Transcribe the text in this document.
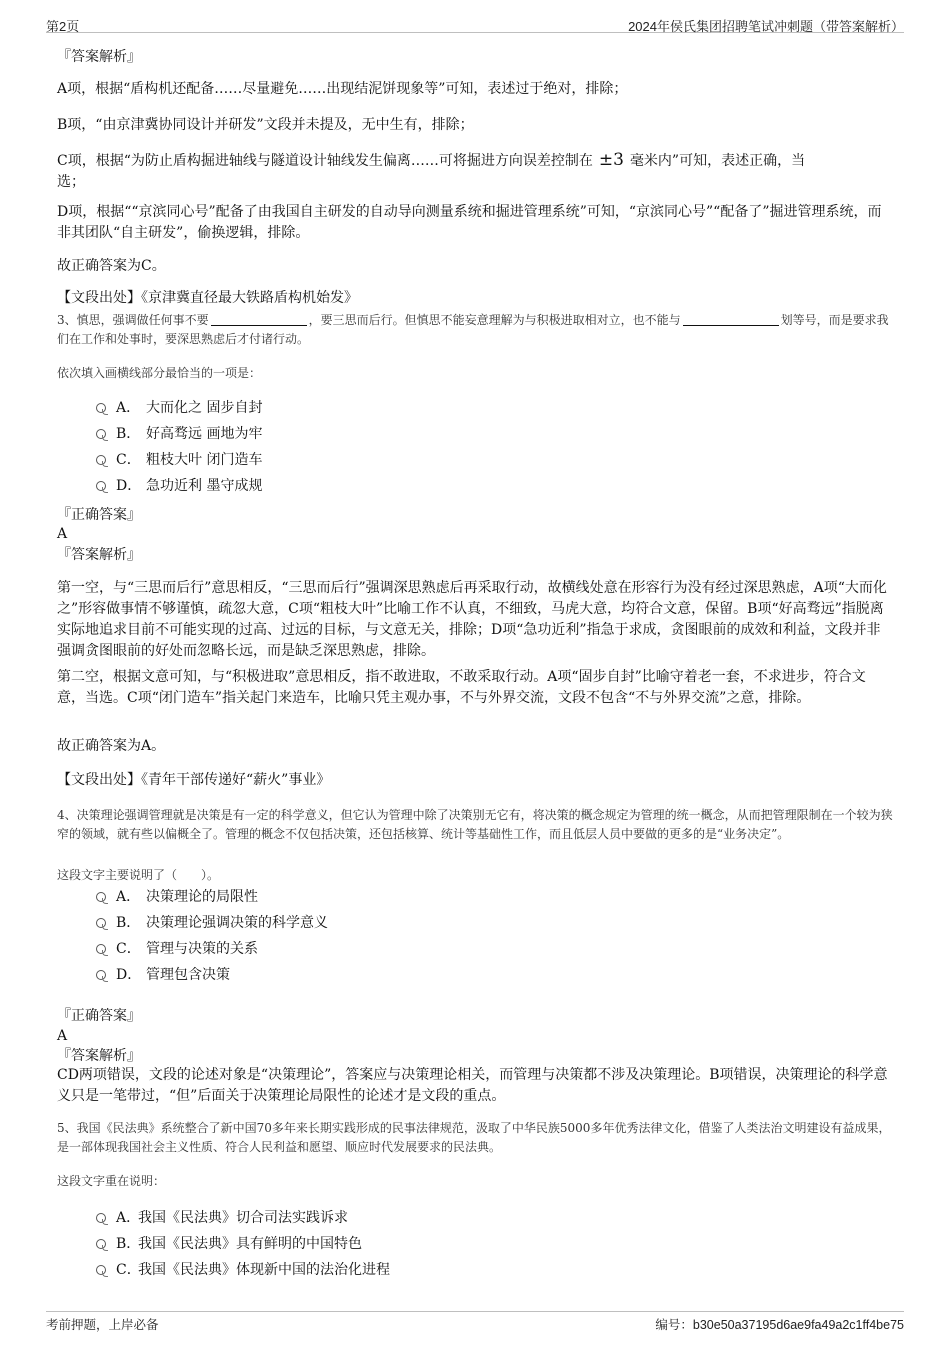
第2页	2024年侯氏集团招聘笔试冲刺题（带答案解析）
『答案解析』
A项，根据“盾构机还配备……尽量避免……出现结泥饼现象等”可知，表述过于绝对，排除；
B项，“由京津冀协同设计并研发”文段并未提及，无中生有，排除；
C项，根据“为防止盾构掘进轴线与隧道设计轴线发生偏离……可将掘进方向误差控制在 ±3 毫米内”可知，表述正确，当
选；
D项，根据““京滨同心号”配备了由我国自主研发的自动导向测量系统和掘进管理系统”可知，“京滨同心号”“配备了”掘进管理系统，而非其团队“自主研发”，偷换逻辑，排除。
故正确答案为C。
【文段出处】《京津冀直径最大铁路盾构机始发》
3、慎思，强调做任何事不要	，要三思而后行。但慎思不能妄意理解为与积极进取相对立，也不能与	划等号，而是要求我们在工作和处事时，要深思熟虑后才付诸行动。
依次填入画横线部分最恰当的一项是：
A． 大而化之 固步自封
B． 好高骛远 画地为牢
C． 粗枝大叶 闭门造车
D． 急功近利 墨守成规
『正确答案』
A
『答案解析』
第一空，与“三思而后行”意思相反，“三思而后行”强调深思熟虑后再采取行动，故横线处意在形容行为没有经过深思熟虑，A项“大而化之”形容做事情不够谨慎，疏忽大意，C项“粗枝大叶”比喻工作不认真，不细致，马虎大意，均符合文意，保留。B项“好高骛远”指脱离实际地追求目前不可能实现的过高、过远的目标，与文意无关，排除；D项“急功近利”指急于求成，贪图眼前的成效和利益，文段并非强调贪图眼前的好处而忽略长远，而是缺乏深思熟虑，排除。
第二空，根据文意可知，与“积极进取”意思相反，指不敢进取，不敢采取行动。A项“固步自封”比喻守着老一套，不求进步，符合文意，当选。C项“闭门造车”指关起门来造车，比喻只凭主观办事，不与外界交流，文段不包含“不与外界交流”之意，排除。
故正确答案为A。
【文段出处】《青年干部传递好“薪火”事业》
4、决策理论强调管理就是决策是有一定的科学意义，但它认为管理中除了决策别无它有，将决策的概念规定为管理的统一概念，从而把管理限制在一个较为狭窄的领域，就有些以偏概全了。管理的概念不仅包括决策，还包括核算、统计等基础性工作，而且低层人员中要做的更多的是“业务决定”。
这段文字主要说明了（　　）。
A． 决策理论的局限性
B． 决策理论强调决策的科学意义
C． 管理与决策的关系
D． 管理包含决策
『正确答案』
A
『答案解析』
CD两项错误，文段的论述对象是“决策理论”，答案应与决策理论相关，而管理与决策都不涉及决策理论。B项错误，决策理论的科学意义只是一笔带过，“但”后面关于决策理论局限性的论述才是文段的重点。
5、我国《民法典》系统整合了新中国70多年来长期实践形成的民事法律规范，汲取了中华民族5000多年优秀法律文化，借鉴了人类法治文明建设有益成果，是一部体现我国社会主义性质、符合人民利益和愿望、顺应时代发展要求的民法典。
这段文字重在说明：
A．我国《民法典》切合司法实践诉求
B．我国《民法典》具有鲜明的中国特色
C．我国《民法典》体现新中国的法治化进程
考前押题，上岸必备	编号：b30e50a37195d6ae9fa49a2c1ff4be75
